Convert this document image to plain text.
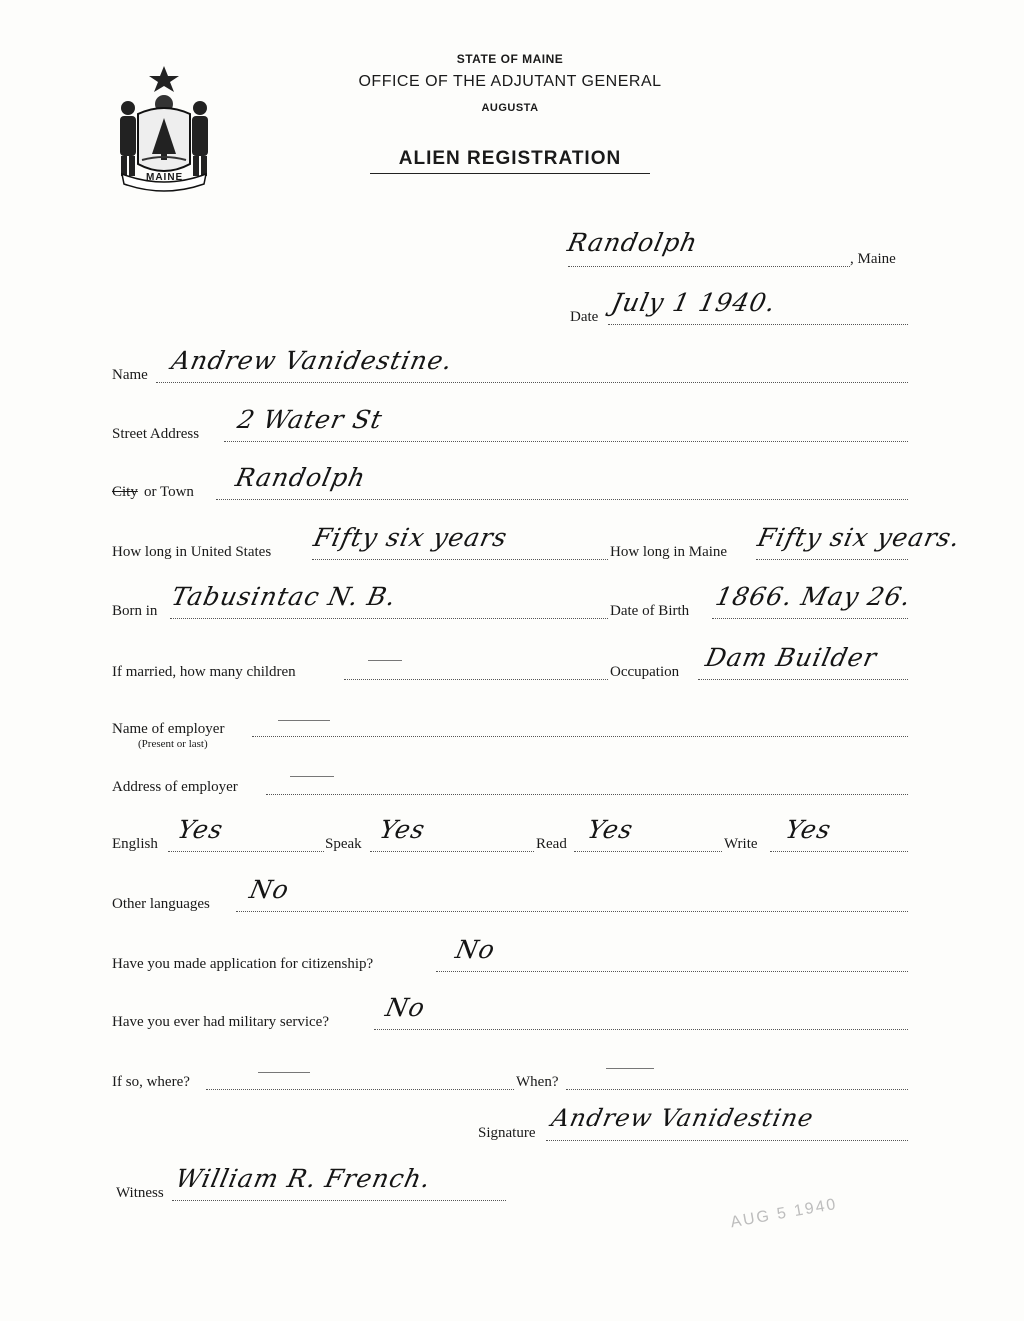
MAINE
STATE OF MAINE
OFFICE OF THE ADJUTANT GENERAL
AUGUSTA
ALIEN REGISTRATION
Randolph
, Maine
Date July 1 1940.
Name Andrew Vanidestine.
Street Address 2 Water St
City or Town Randolph
How long in United States Fifty six years	How long in Maine Fifty six years.
Born in Tabusintac N. B.	Date of Birth 1866. May 26.
If married, how many children	Occupation Dam Builder
Name of employer
(Present or last)
Address of employer
English Yes	Speak Yes	Read Yes	Write Yes
Other languages No
Have you made application for citizenship?	No
Have you ever had military service? No
If so, where?	When?
Signature
Andrew Vanidestine
Witness William R. French.
AUG 5 1940
